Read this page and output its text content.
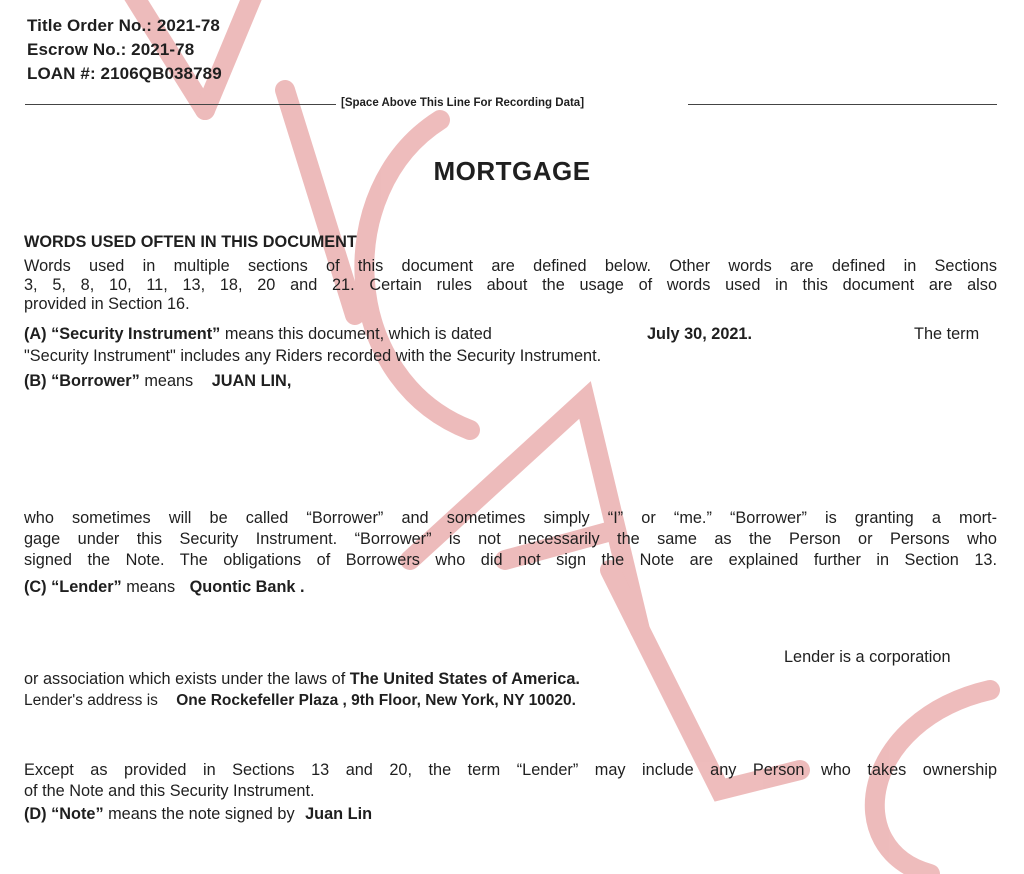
Title Order No.: 2021-78
Escrow No.: 2021-78
LOAN #: 2106QB038789
[Space Above This Line For Recording Data]
MORTGAGE
WORDS USED OFTEN IN THIS DOCUMENT
Words used in multiple sections of this document are defined below. Other words are defined in Sections
3, 5, 8, 10, 11, 13, 18, 20 and 21. Certain rules about the usage of words used in this document are also
provided in Section 16.
(A) “Security Instrument” means this document, which is dated	July 30, 2021.	The term
"Security Instrument" includes any Riders recorded with the Security Instrument.
(B) “Borrower” means JUAN LIN,
who sometimes will be called “Borrower” and sometimes simply “I” or “me.” “Borrower” is granting a mort-
gage under this Security Instrument. “Borrower” is not necessarily the same as the Person or Persons who
signed the Note. The obligations of Borrowers who did not sign the Note are explained further in Section 13.
(C) “Lender” means Quontic Bank .
Lender is a corporation
or association which exists under the laws of The United States of America.
Lender's address is One Rockefeller Plaza , 9th Floor, New York, NY 10020.
Except as provided in Sections 13 and 20, the term “Lender” may include any Person who takes ownership
of the Note and this Security Instrument.
(D) “Note” means the note signed by Juan Lin
